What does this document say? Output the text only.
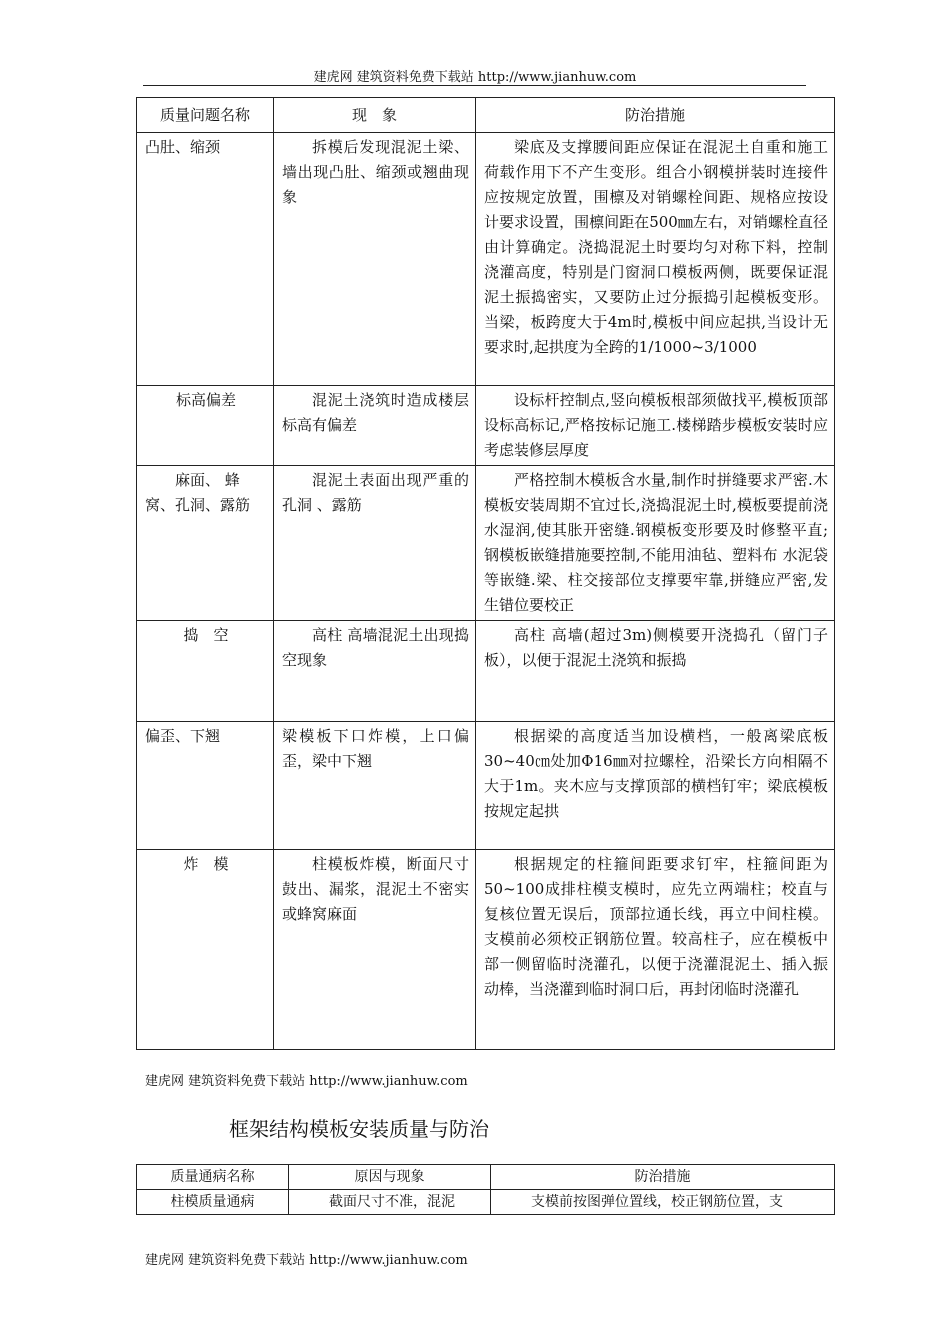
建虎网 建筑资料免费下载站 http://www.jianhuw.com
质量问题名称	现　象	防治措施
凸肚、缩颈	拆模后发现混泥土梁、墙出现凸肚、缩颈或翘曲现象	梁底及支撑腰间距应保证在混泥土自重和施工荷载作用下不产生变形。组合小钢模拼装时连接件应按规定放置，围檩及对销螺栓间距、规格应按设计要求设置，围檩间距在500㎜左右，对销螺栓直径由计算确定。浇捣混泥土时要均匀对称下料，控制浇灌高度，特别是门窗洞口模板两侧，既要保证混泥土振捣密实，又要防止过分振捣引起模板变形。当梁，板跨度大于4m时,模板中间应起拱,当设计无要求时,起拱度为全跨的1/1000~3/1000

标高偏差	混泥土浇筑时造成楼层标高有偏差	设标杆控制点,竖向模板根部须做找平,模板顶部设标高标记,严格按标记施工.楼梯踏步模板安装时应考虑装修层厚度

麻面、 蜂窝、孔洞、露筋	混泥土表面出现严重的孔洞 、露筋	严格控制木模板含水量,制作时拼缝要求严密.木模板安装周期不宜过长,浇捣混泥土时,模板要提前浇水湿润,使其胀开密缝.钢模板变形要及时修整平直;钢模板嵌缝措施要控制,不能用油毡、塑料布 水泥袋等嵌缝.梁、柱交接部位支撑要牢靠,拼缝应严密,发生错位要校正

捣　空	高柱 高墙混泥土出现捣空现象	高柱 高墙(超过3m)侧模要开浇捣孔（留门子板），以便于混泥土浇筑和振捣

偏歪、下翘	梁模板下口炸模，上口偏歪，梁中下翘	根据梁的高度适当加设横档，一般离梁底板30~40㎝处加Φ16㎜对拉螺栓，沿梁长方向相隔不大于1m。夹木应与支撑顶部的横档钉牢；梁底模板按规定起拱

炸　模	柱模板炸模，断面尺寸鼓出、漏浆，混泥土不密实或蜂窝麻面	根据规定的柱箍间距要求钉牢，柱箍间距为50~100成排柱模支模时，应先立两端柱；校直与复核位置无误后，顶部拉通长线，再立中间柱模。支模前必须校正钢筋位置。较高柱子，应在模板中部一侧留临时浇灌孔，以便于浇灌混泥土、插入振动棒，当浇灌到临时洞口后，再封闭临时浇灌孔

建虎网 建筑资料免费下载站 http://www.jianhuw.com
框架结构模板安装质量与防治
质量通病名称	原因与现象	防治措施
柱模质量通病	截面尺寸不准，混泥	支模前按图弹位置线，校正钢筋位置，支
建虎网 建筑资料免费下载站 http://www.jianhuw.com
